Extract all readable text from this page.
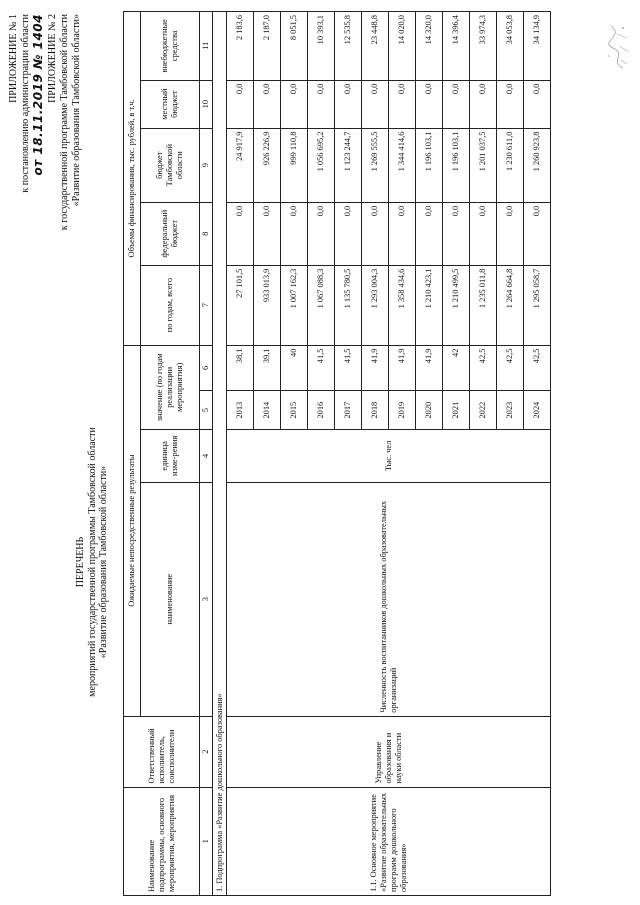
ПРИЛОЖЕНИЕ № 1 к постановлению администрации области от 18.11.2019 № 1404 ПРИЛОЖЕНИЕ № 2 к государственной программе Тамбовской области «Развитие образования Тамбовской области»
ПЕРЕЧЕНЬ мероприятий государственной программы Тамбовской области «Развитие образования Тамбовской области»
Наименование подпрограммы, основного мероприятия, мероприятия	Ответственный исполнитель, соисполнители	Ожидаемые непосредственные результаты				Объемы финансирования, тыс. рублей, в т.ч.				
		наименование	единица изме-рения	значение (по годам реализации мероприятия)		по годам, всего	федеральный бюджет	бюджет Тамбовской области	местный бюджет	внебюджетные средства
1	2	3	4	5	6	7	8	9	10	11
1. Подпрограмма «Развитие дошкольного образования»										
1.1. Основное мероприятие «Развитие образовательных программ дошкольного образования»	Управление образования и науки области	Численность воспитанников дошкольных образовательных организаций	Тыс. чел	2013	38,1	27 101,5	0,0	24 917,9	0,0	2 183,6
				2014	39,1	933 013,9	0,0	926 226,9	0,0	2 187,0
				2015	40	1 007 162,3	0,0	999 110,8	0,0	8 051,5
				2016	41,5	1 067 088,3	0,0	1 056 695,2	0,0	10 393,1
				2017	41,5	1 135 780,5	0,0	1 123 244,7	0,0	12 535,8
				2018	41,9	1 293 004,3	0,0	1 269 555,5	0,0	23 448,8
				2019	41,9	1 358 434,6	0,0	1 344 414,6	0,0	14 020,0
				2020	41,9	1 210 423,1	0,0	1 196 103,1	0,0	14 320,0
				2021	42	1 210 499,5	0,0	1 196 103,1	0,0	14 396,4
				2022	42,5	1 235 011,8	0,0	1 201 037,5	0,0	33 974,3
				2023	42,5	1 264 664,8	0,0	1 230 611,0	0,0	34 053,8
				2024	42,5	1 295 058,7	0,0	1 260 923,8	0,0	34 134,9
